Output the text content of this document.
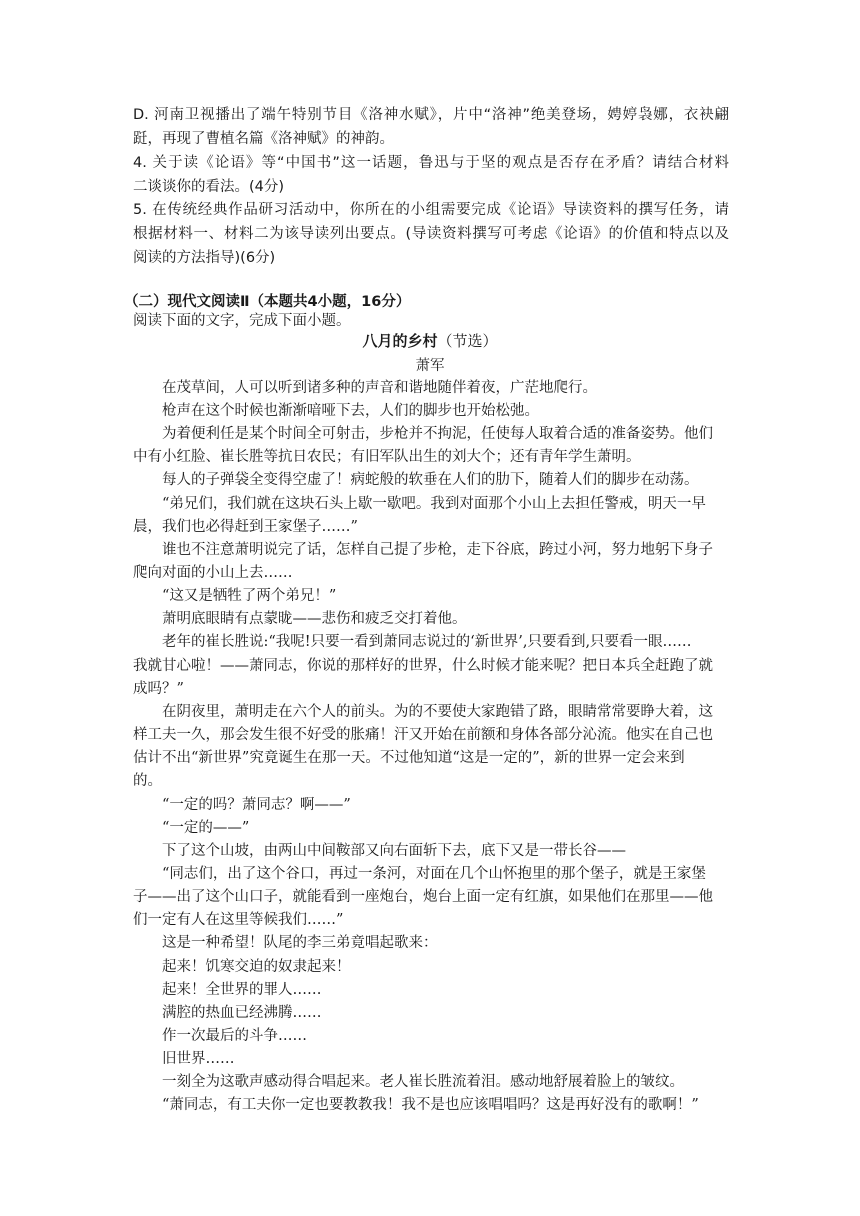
D. 河南卫视播出了端午特别节目《洛神水赋》，片中“洛神”绝美登场，娉婷袅娜，衣袂翩
跹，再现了曹植名篇《洛神赋》的神韵。
4. 关于读《论语》等“中国书”这一话题，鲁迅与于坚的观点是否存在矛盾？请结合材料
二谈谈你的看法。(4分)
5. 在传统经典作品研习活动中，你所在的小组需要完成《论语》导读资料的撰写任务，请
根据材料一、材料二为该导读列出要点。(导读资料撰写可考虑《论语》的价值和特点以及
阅读的方法指导)(6分)
（二）现代文阅读Ⅱ（本题共4小题，16分）
阅读下面的文字，完成下面小题。
八月的乡村（节选）
萧军
在茂草间，人可以听到诸多种的声音和谐地随伴着夜，广茫地爬行。
枪声在这个时候也渐渐喑哑下去，人们的脚步也开始松弛。
为着便利任是某个时间全可射击，步枪并不拘泥，任使每人取着合适的准备姿势。他们
中有小红脸、崔长胜等抗日农民；有旧军队出生的刘大个；还有青年学生萧明。
每人的子弹袋全变得空虚了！病蛇般的软垂在人们的肋下，随着人们的脚步在动荡。
“弟兄们，我们就在这块石头上歇一歇吧。我到对面那个小山上去担任警戒，明天一早
晨，我们也必得赶到王家堡子……”
谁也不注意萧明说完了话，怎样自己提了步枪，走下谷底，跨过小河，努力地躬下身子
爬向对面的小山上去……
“这又是牺牲了两个弟兄！”
萧明底眼睛有点蒙昽——悲伤和疲乏交打着他。
老年的崔长胜说:“我呢!只要一看到萧同志说过的‘新世界’,只要看到,只要看一眼……
我就甘心啦！——萧同志，你说的那样好的世界，什么时候才能来呢？把日本兵全赶跑了就
成吗？”
在阴夜里，萧明走在六个人的前头。为的不要使大家跑错了路，眼睛常常要睁大着，这
样工夫一久，那会发生很不好受的胀痛！汗又开始在前额和身体各部分沁流。他实在自己也
估计不出“新世界”究竟诞生在那一天。不过他知道“这是一定的”，新的世界一定会来到
的。
“一定的吗？萧同志？啊——”
“一定的——”
下了这个山坡，由两山中间鞍部又向右面斩下去，底下又是一带长谷——
“同志们，出了这个谷口，再过一条河，对面在几个山怀抱里的那个堡子，就是王家堡
子——出了这个山口子，就能看到一座炮台，炮台上面一定有红旗，如果他们在那里——他
们一定有人在这里等候我们……”
这是一种希望！队尾的李三弟竟唱起歌来：
起来！饥寒交迫的奴隶起来！
起来！全世界的罪人……
满腔的热血已经沸腾……
作一次最后的斗争……
旧世界……
一刻全为这歌声感动得合唱起来。老人崔长胜流着泪。感动地舒展着脸上的皱纹。
“萧同志，有工夫你一定也要教教我！我不是也应该唱唱吗？这是再好没有的歌啊！”
